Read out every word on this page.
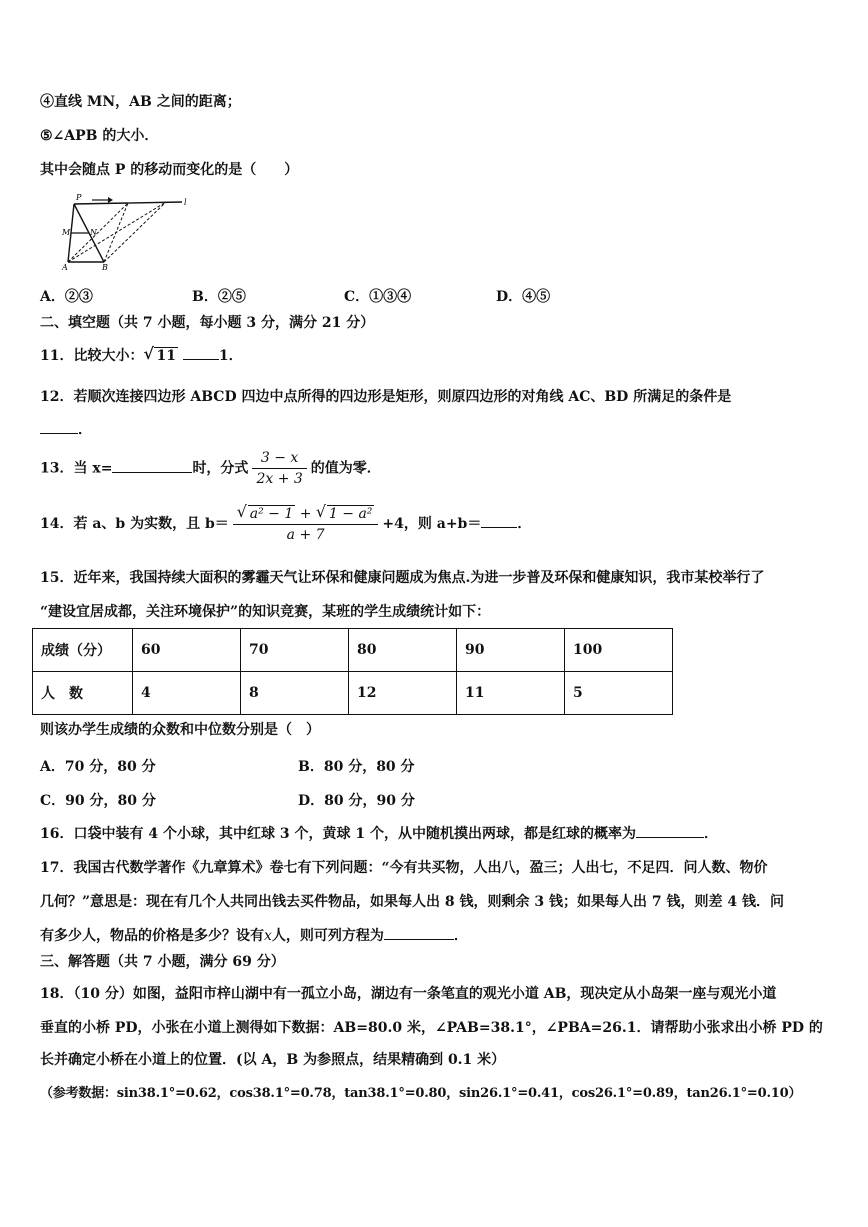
④直线 MN，AB 之间的距离；
⑤∠APB 的大小．
其中会随点 P 的移动而变化的是（　　）
P
l
M N
A	B
A．②③	B．②⑤	C．①③④	D．④⑤
二、填空题（共 7 小题，每小题 3 分，满分 21 分）
11．比较大小： √ 11	1．
12．若顺次连接四边形 ABCD 四边中点所得的四边形是矩形，则原四边形的对角线 AC、BD 所满足的条件是
．
13．当 x=	时，分式 $\frac{3 - x}{2x + 3}$ 的值为零．
14．若 a、b 为实数，且 b＝ √ $\frac{\text{a² − 1 + √ 1 − a²}}{a + 7} +4$，则 a+b＝	．
15．近年来，我国持续大面积的雾霾天气让环保和健康问题成为焦点.为进一步普及环保和健康知识，我市某校举行了
“建设宜居成都，关注环境保护”的知识竞赛，某班的学生成绩统计如下：
成绩（分）	60	70	80	90	100
人　数	4	8	12	11	5
则该办学生成绩的众数和中位数分别是（　）
A．70 分，80 分	B．80 分，80 分
C．90 分，80 分	D．80 分，90 分
16．口袋中装有 4 个小球，其中红球 3 个，黄球 1 个，从中随机摸出两球，都是红球的概率为	．
17．我国古代数学著作《九章算术》卷七有下列问题：“今有共买物，人出八，盈三；人出七，不足四．问人数、物价
几何？”意思是：现在有几个人共同出钱去买件物品，如果每人出 8 钱，则剩余 3 钱；如果每人出 7 钱，则差 4 钱．问
有多少人，物品的价格是多少？设有x人，则可列方程为	．
三、解答题（共 7 小题，满分 69 分）
18．（10 分）如图，益阳市梓山湖中有一孤立小岛，湖边有一条笔直的观光小道 AB，现决定从小岛架一座与观光小道
垂直的小桥 PD，小张在小道上测得如下数据：AB=80.0 米，∠PAB=38.1°，∠PBA=26.1．请帮助小张求出小桥 PD 的
长并确定小桥在小道上的位置．(以 A，B 为参照点，结果精确到 0.1 米）
（参考数据：sin38.1°=0.62，cos38.1°=0.78，tan38.1°=0.80，sin26.1°=0.41，cos26.1°=0.89，tan26.1°=0.10）
